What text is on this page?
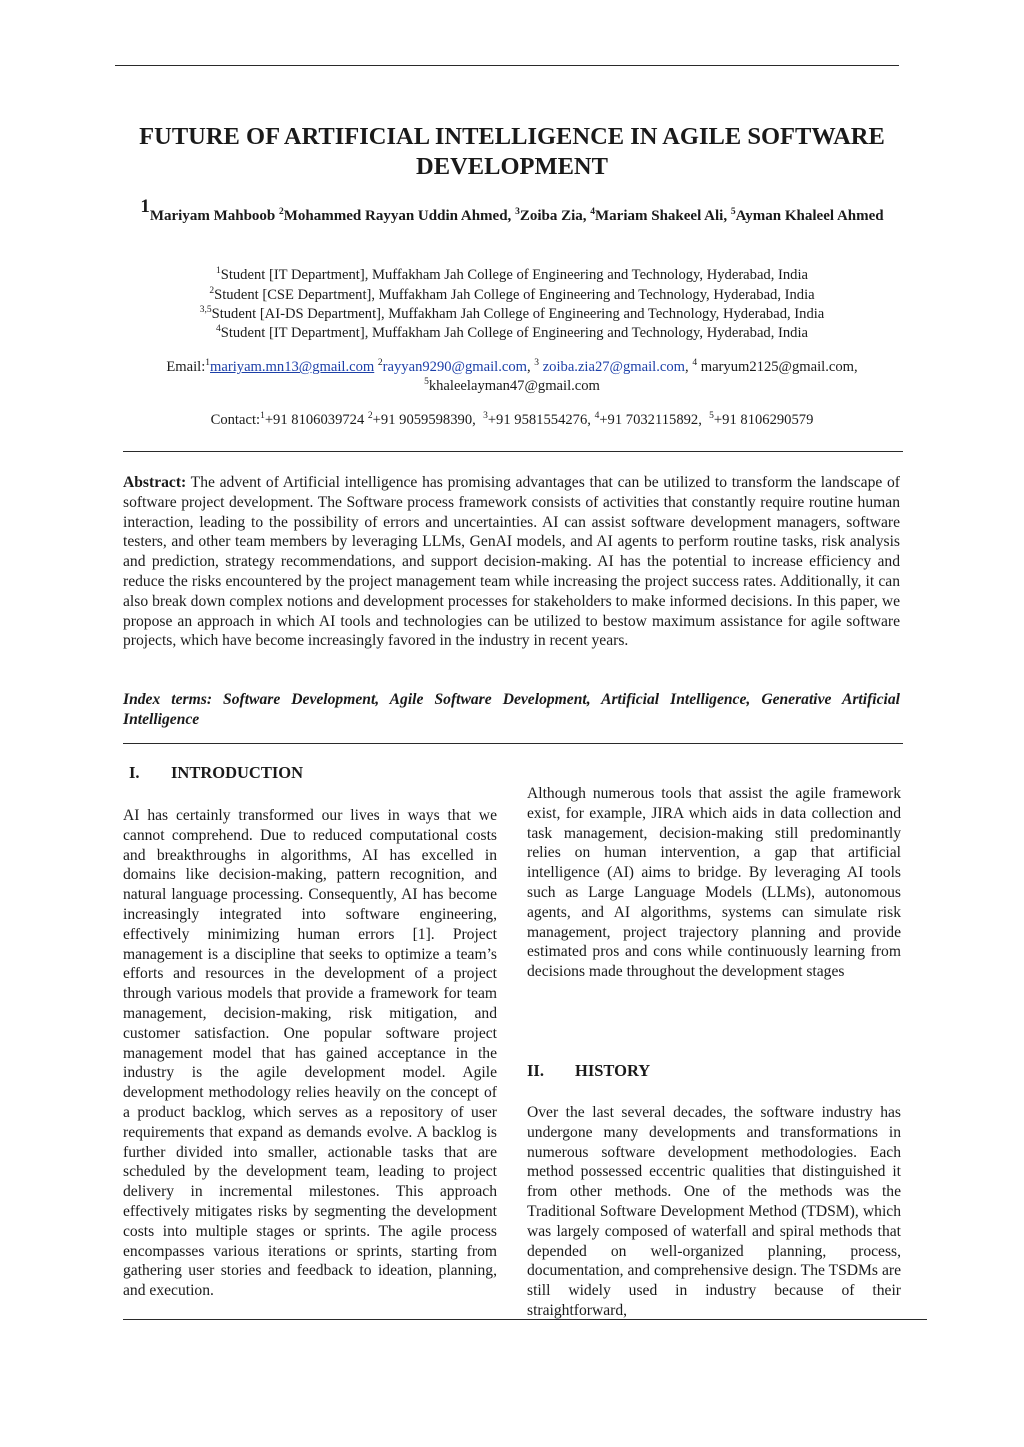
FUTURE OF ARTIFICIAL INTELLIGENCE IN AGILE SOFTWARE
DEVELOPMENT
1Mariyam Mahboob $^2$Mohammed Rayyan Uddin Ahmed, $^3$Zoiba Zia, $^4$Mariam Shakeel Ali, $^5$Ayman Khaleel Ahmed
$^1$Student [IT Department], Muffakham Jah College of Engineering and Technology, Hyderabad, India
$^2$Student [CSE Department], Muffakham Jah College of Engineering and Technology, Hyderabad, India
$^{3,5}$Student [AI-DS Department], Muffakham Jah College of Engineering and Technology, Hyderabad, India
$^4$Student [IT Department], Muffakham Jah College of Engineering and Technology, Hyderabad, India
Email:$^1$mariyam.mn13@gmail.com $^2$rayyan9290@gmail.com, $^3$ zoiba.zia27@gmail.com, $^4$ maryum2125@gmail.com,
$^5$khaleelayman47@gmail.com
Contact:$^1$+91 8106039724 $^2$+91 9059598390, $^3$+91 9581554276, $^4$+91 7032115892, $^5$+91 8106290579
Abstract: The advent of Artificial intelligence has promising advantages that can be utilized to transform the landscape of software project development. The Software process framework consists of activities that constantly require routine human interaction, leading to the possibility of errors and uncertainties. AI can assist software development managers, software testers, and other team members by leveraging LLMs, GenAI models, and AI agents to perform routine tasks, risk analysis and prediction, strategy recommendations, and support decision-making. AI has the potential to increase efficiency and reduce the risks encountered by the project management team while increasing the project success rates. Additionally, it can also break down complex notions and development processes for stakeholders to make informed decisions. In this paper, we propose an approach in which AI tools and technologies can be utilized to bestow maximum assistance for agile software projects, which have become increasingly favored in the industry in recent years.
Index terms: Software Development, Agile Software Development, Artificial Intelligence, Generative Artificial Intelligence
I. INTRODUCTION
AI has certainly transformed our lives in ways that we cannot comprehend. Due to reduced computational costs and breakthroughs in algorithms, AI has excelled in domains like decision-making, pattern recognition, and natural language processing. Consequently, AI has become increasingly integrated into software engineering, effectively minimizing human errors [1]. Project management is a discipline that seeks to optimize a team’s efforts and resources in the development of a project through various models that provide a framework for team management, decision-making, risk mitigation, and customer satisfaction. One popular software project management model that has gained acceptance in the industry is the agile development model. Agile development methodology relies heavily on the concept of a product backlog, which serves as a repository of user requirements that expand as demands evolve. A backlog is further divided into smaller, actionable tasks that are scheduled by the development team, leading to project delivery in incremental milestones. This approach effectively mitigates risks by segmenting the development costs into multiple stages or sprints. The agile process encompasses various iterations or sprints, starting from gathering user stories and feedback to ideation, planning, and execution.
Although numerous tools that assist the agile framework exist, for example, JIRA which aids in data collection and task management, decision-making still predominantly relies on human intervention, a gap that artificial intelligence (AI) aims to bridge. By leveraging AI tools such as Large Language Models (LLMs), autonomous agents, and AI algorithms, systems can simulate risk management, project trajectory planning and provide estimated pros and cons while continuously learning from decisions made throughout the development stages
II. HISTORY
Over the last several decades, the software industry has undergone many developments and transformations in numerous software development methodologies. Each method possessed eccentric qualities that distinguished it from other methods. One of the methods was the Traditional Software Development Method (TDSM), which was largely composed of waterfall and spiral methods that depended on well-organized planning, process, documentation, and comprehensive design. The TSDMs are still widely used in industry because of their straightforward,
